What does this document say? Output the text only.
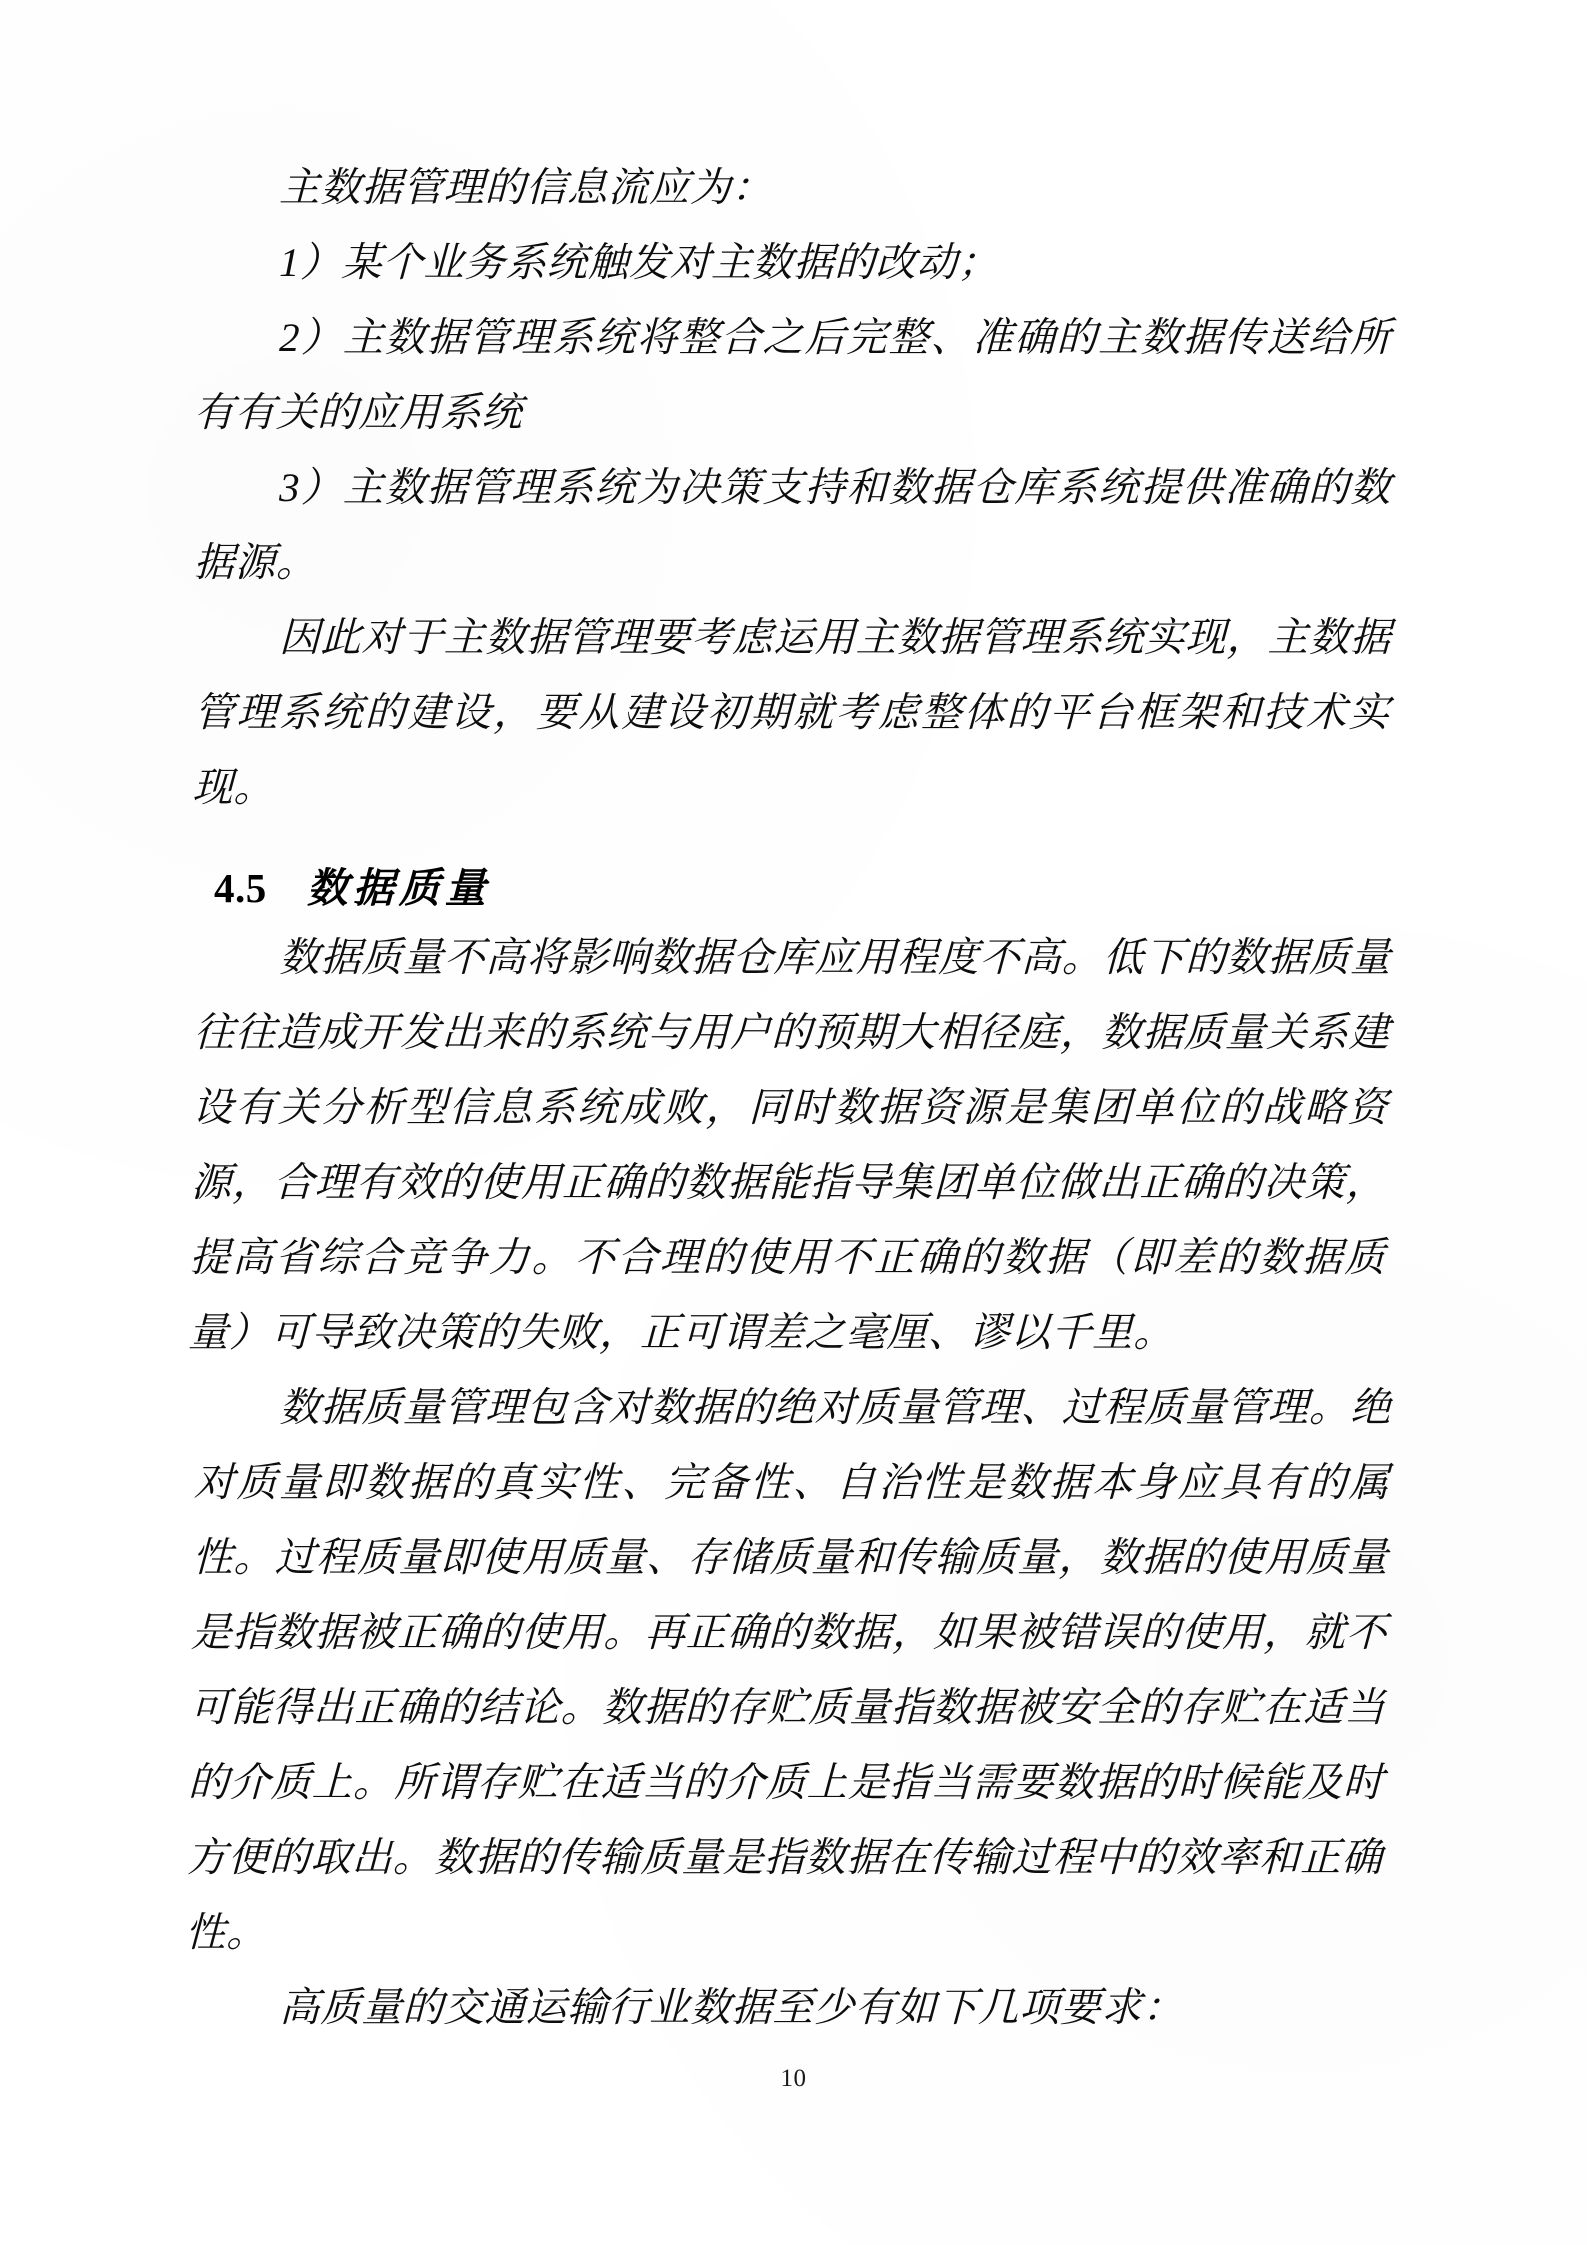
主数据管理的信息流应为：

1）某个业务系统触发对主数据的改动；

2）主数据管理系统将整合之后完整、准确的主数据传送给所有有关的应用系统

3）主数据管理系统为决策支持和数据仓库系统提供准确的数据源。

因此对于主数据管理要考虑运用主数据管理系统实现，主数据管理系统的建设，要从建设初期就考虑整体的平台框架和技术实现。

4.5 数据质量

数据质量不高将影响数据仓库应用程度不高。低下的数据质量往往造成开发出来的系统与用户的预期大相径庭，数据质量关系建设有关分析型信息系统成败，同时数据资源是集团单位的战略资源，合理有效的使用正确的数据能指导集团单位做出正确的决策，提高省综合竞争力。不合理的使用不正确的数据（即差的数据质量）可导致决策的失败，正可谓差之毫厘、谬以千里。

数据质量管理包含对数据的绝对质量管理、过程质量管理。绝对质量即数据的真实性、完备性、自治性是数据本身应具有的属性。过程质量即使用质量、存储质量和传输质量，数据的使用质量是指数据被正确的使用。再正确的数据，如果被错误的使用，就不可能得出正确的结论。数据的存贮质量指数据被安全的存贮在适当的介质上。所谓存贮在适当的介质上是指当需要数据的时候能及时方便的取出。数据的传输质量是指数据在传输过程中的效率和正确性。

高质量的交通运输行业数据至少有如下几项要求：

10
